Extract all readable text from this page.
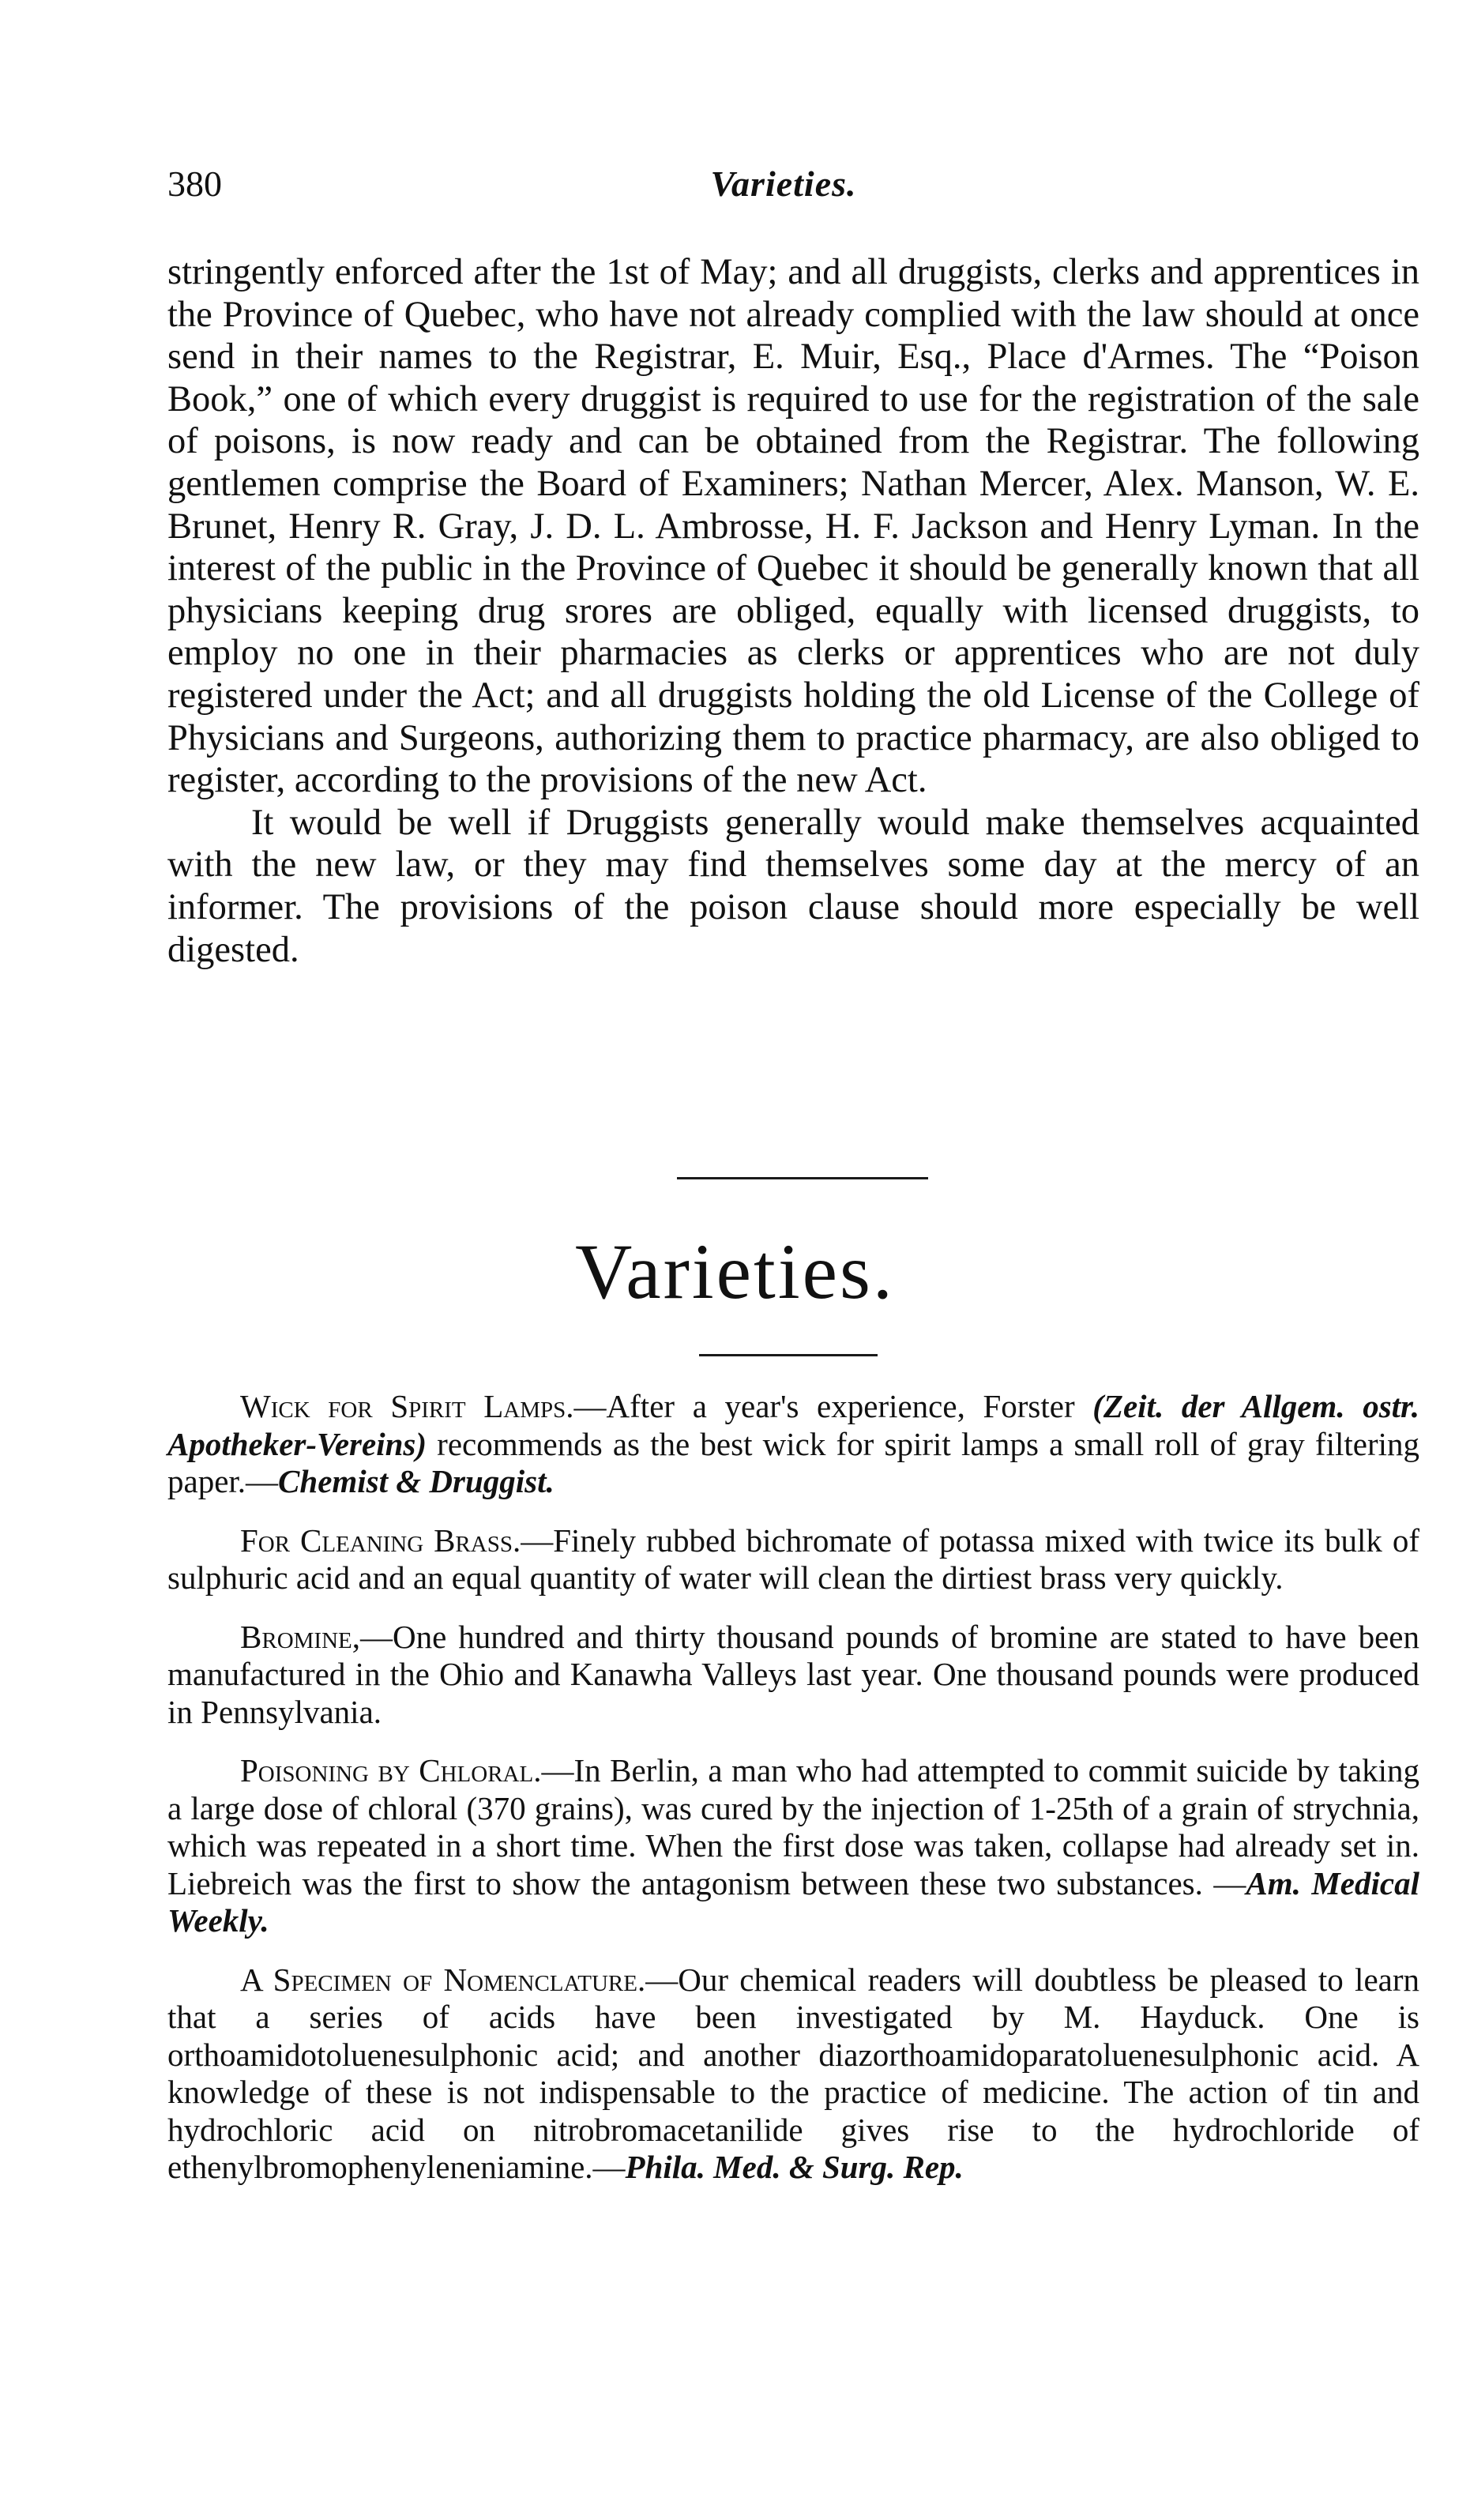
380	Varieties.

stringently enforced after the 1st of May; and all druggists, clerks and apprentices in the Province of Quebec, who have not already complied with the law should at once send in their names to the Registrar, E. Muir, Esq., Place d'Armes. The “Poison Book,” one of which every druggist is required to use for the registration of the sale of poisons, is now ready and can be obtained from the Registrar. The following gentlemen comprise the Board of Examiners; Nathan Mercer, Alex. Manson, W. E. Brunet, Henry R. Gray, J. D. L. Ambrosse, H. F. Jackson and Henry Lyman. In the interest of the public in the Province of Quebec it should be generally known that all physicians keeping drug srores are obliged, equally with licensed druggists, to employ no one in their pharmacies as clerks or apprentices who are not duly registered under the Act; and all druggists holding the old License of the College of Physicians and Surgeons, authorizing them to practice pharmacy, are also obliged to register, according to the provisions of the new Act.

It would be well if Druggists generally would make themselves acquainted with the new law, or they may find themselves some day at the mercy of an informer. The provisions of the poison clause should more especially be well digested.

Varieties.

Wick for Spirit Lamps.—After a year's experience, Forster (Zeit. der Allgem. ostr. Apotheker-Vereins) recommends as the best wick for spirit lamps a small roll of gray filtering paper.—Chemist & Druggist.

For Cleaning Brass.—Finely rubbed bichromate of potassa mixed with twice its bulk of sulphuric acid and an equal quantity of water will clean the dirtiest brass very quickly.

Bromine,—One hundred and thirty thousand pounds of bromine are stated to have been manufactured in the Ohio and Kanawha Valleys last year. One thousand pounds were produced in Pennsylvania.

Poisoning by Chloral.—In Berlin, a man who had attempted to commit suicide by taking a large dose of chloral (370 grains), was cured by the injection of 1-25th of a grain of strychnia, which was repeated in a short time. When the first dose was taken, collapse had already set in. Liebreich was the first to show the antagonism between these two substances. —Am. Medical Weekly.

A Specimen of Nomenclature.—Our chemical readers will doubtless be pleased to learn that a series of acids have been investigated by M. Hayduck. One is orthoamidotoluenesulphonic acid; and another diazorthoamidoparatoluenesulphonic acid. A knowledge of these is not indispensable to the practice of medicine. The action of tin and hydrochloric acid on nitrobromacetanilide gives rise to the hydrochloride of ethenylbromophenyleneniamine.—Phila. Med. & Surg. Rep.
